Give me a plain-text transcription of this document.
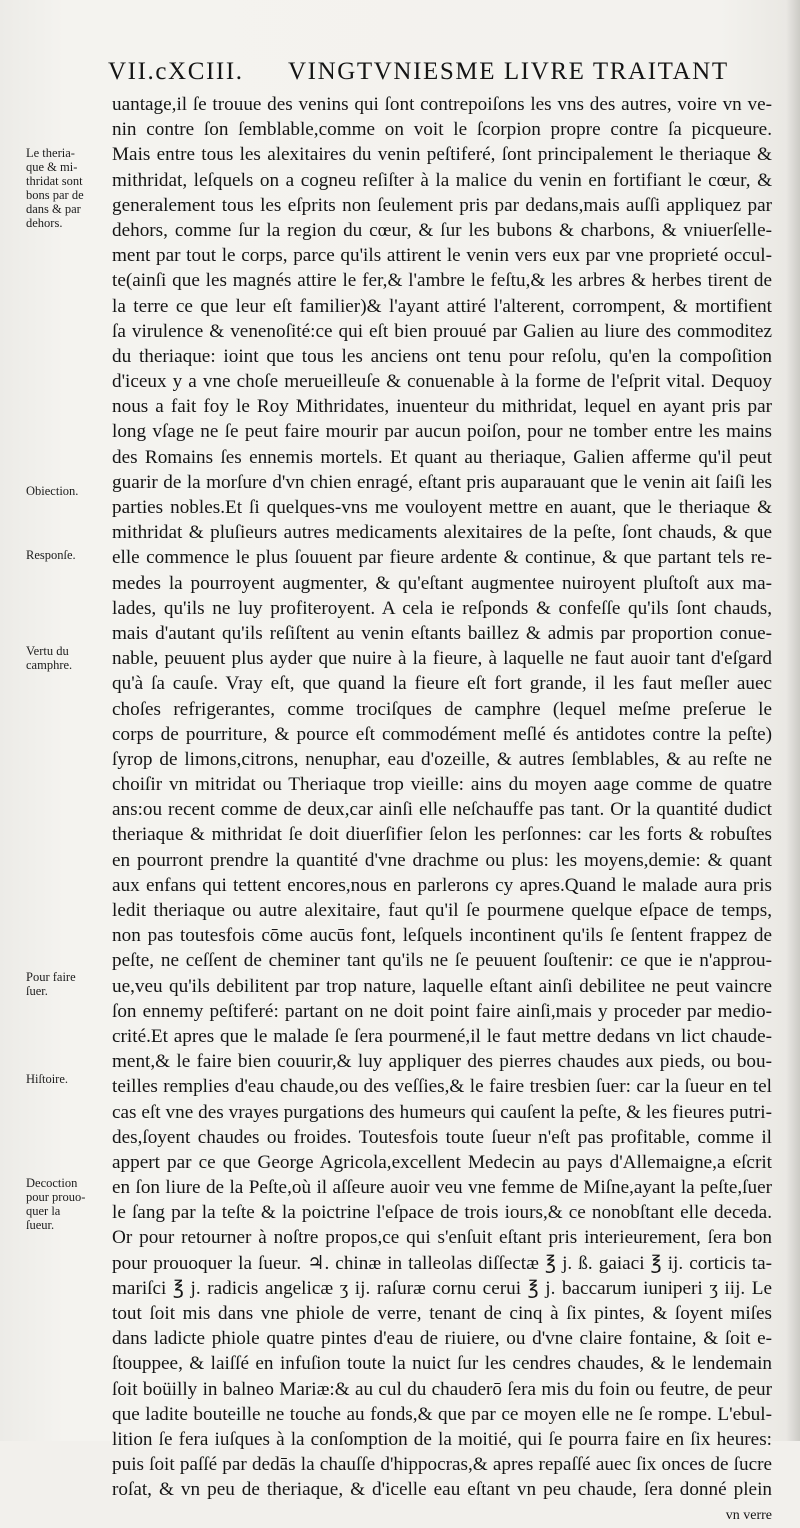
VII.cXCIII. VINGTVNIESME LIVRE TRAITANT
Le theria-
que & mi-
thridat sont
bons par de
dans & par
dehors.
Obiection.
Responſe.
Vertu du
camphre.
Pour faire
ſuer.
Hiſtoire.
Decoction
pour prouo-
quer la
ſueur.
uantage,il ſe trouue des venins qui ſont contrepoiſons les vns des autres, voire vn ve-
nin contre ſon ſemblable,comme on voit le ſcorpion propre contre ſa picqueure.
Mais entre tous les alexitaires du venin peſtiferé, ſont principalement le theriaque &
mithridat, leſquels on a cogneu reſiſter à la malice du venin en fortifiant le cœur, &
generalement tous les eſprits non ſeulement pris par dedans,mais auſſi appliquez par
dehors, comme ſur la region du cœur, & ſur les bubons & charbons, & vniuerſelle-
ment par tout le corps, parce qu'ils attirent le venin vers eux par vne proprieté occul-
te(ainſi que les magnés attire le fer,& l'ambre le feſtu,& les arbres & herbes tirent de
la terre ce que leur eſt familier)& l'ayant attiré l'alterent, corrompent, & mortifient
ſa virulence & venenoſité:ce qui eſt bien prouué par Galien au liure des commoditez
du theriaque: ioint que tous les anciens ont tenu pour reſolu, qu'en la compoſition
d'iceux y a vne choſe merueilleuſe & conuenable à la forme de l'eſprit vital. Dequoy
nous a fait foy le Roy Mithridates, inuenteur du mithridat, lequel en ayant pris par
long vſage ne ſe peut faire mourir par aucun poiſon, pour ne tomber entre les mains
des Romains ſes ennemis mortels. Et quant au theriaque, Galien afferme qu'il peut
guarir de la morſure d'vn chien enragé, eſtant pris auparauant que le venin ait ſaiſi les
parties nobles.Et ſi quelques-vns me vouloyent mettre en auant, que le theriaque &
mithridat & pluſieurs autres medicaments alexitaires de la peſte, ſont chauds, & que
elle commence le plus ſouuent par fieure ardente & continue, & que partant tels re-
medes la pourroyent augmenter, & qu'eſtant augmentee nuiroyent pluſtoſt aux ma-
lades, qu'ils ne luy profiteroyent. A cela ie reſponds & confeſſe qu'ils ſont chauds,
mais d'autant qu'ils reſiſtent au venin eſtants baillez & admis par proportion conue-
nable, peuuent plus ayder que nuire à la fieure, à laquelle ne faut auoir tant d'eſgard
qu'à ſa cauſe. Vray eſt, que quand la fieure eſt fort grande, il les faut meſler auec
choſes refrigerantes, comme trociſques de camphre (lequel meſme preſerue le
corps de pourriture, & pource eſt commodément meſlé és antidotes contre la peſte)
ſyrop de limons,citrons, nenuphar, eau d'ozeille, & autres ſemblables, & au reſte ne
choiſir vn mitridat ou Theriaque trop vieille: ains du moyen aage comme de quatre
ans:ou recent comme de deux,car ainſi elle neſchauffe pas tant. Or la quantité dudict
theriaque & mithridat ſe doit diuerſifier ſelon les perſonnes: car les forts & robuſtes
en pourront prendre la quantité d'vne drachme ou plus: les moyens,demie: & quant
aux enfans qui tettent encores,nous en parlerons cy apres.Quand le malade aura pris
ledit theriaque ou autre alexitaire, faut qu'il ſe pourmene quelque eſpace de temps,
non pas toutesfois cōme aucūs font, leſquels incontinent qu'ils ſe ſentent frappez de
peſte, ne ceſſent de cheminer tant qu'ils ne ſe peuuent ſouſtenir: ce que ie n'approu-
ue,veu qu'ils debilitent par trop nature, laquelle eſtant ainſi debilitee ne peut vaincre
ſon ennemy peſtiferé: partant on ne doit point faire ainſi,mais y proceder par medio-
crité.Et apres que le malade ſe ſera pourmené,il le faut mettre dedans vn lict chaude-
ment,& le faire bien couurir,& luy appliquer des pierres chaudes aux pieds, ou bou-
teilles remplies d'eau chaude,ou des veſſies,& le faire tresbien ſuer: car la ſueur en tel
cas eſt vne des vrayes purgations des humeurs qui cauſent la peſte, & les fieures putri-
des,ſoyent chaudes ou froides. Toutesfois toute ſueur n'eſt pas profitable, comme il
appert par ce que George Agricola,excellent Medecin au pays d'Allemaigne,a eſcrit
en ſon liure de la Peſte,où il aſſeure auoir veu vne femme de Miſne,ayant la peſte,ſuer
le ſang par la teſte & la poictrine l'eſpace de trois iours,& ce nonobſtant elle deceda.
Or pour retourner à noſtre propos,ce qui s'enſuit eſtant pris interieurement, ſera bon
pour prouoquer la ſueur. ♃. chinæ in talleolas diſſectæ ℥ j. ß. gaiaci ℥ ij. corticis ta-
mariſci ℥ j. radicis angelicæ ʒ ij. raſuræ cornu cerui ℥ j. baccarum iuniperi ʒ iij. Le
tout ſoit mis dans vne phiole de verre, tenant de cinq à ſix pintes, & ſoyent miſes
dans ladicte phiole quatre pintes d'eau de riuiere, ou d'vne claire fontaine, & ſoit e-
ſtouppee, & laiſſé en infuſion toute la nuict ſur les cendres chaudes, & le lendemain
ſoit boüilly in balneo Mariæ:& au cul du chauderō ſera mis du foin ou feutre, de peur
que ladite bouteille ne touche au fonds,& que par ce moyen elle ne ſe rompe. L'ebul-
lition ſe fera iuſques à la conſomption de la moitié, qui ſe pourra faire en ſix heures:
puis ſoit paſſé par dedās la chauſſe d'hippocras,& apres repaſſé auec ſix onces de ſucre
roſat, & vn peu de theriaque, & d'icelle eau eſtant vn peu chaude, ſera donné plein
vn verre
